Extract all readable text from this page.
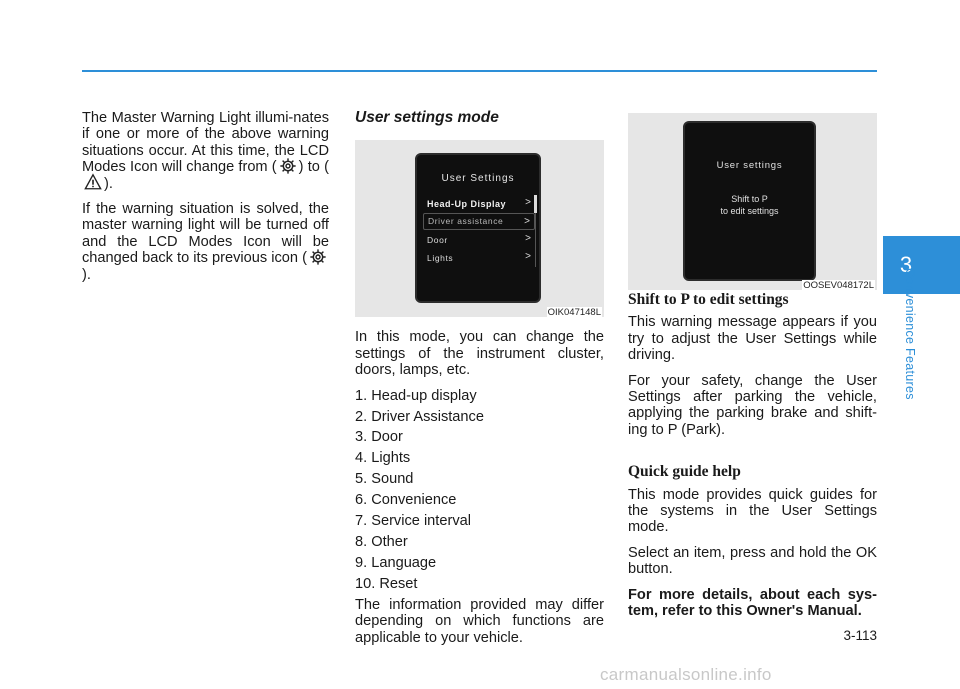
The Master Warning Light illumi-nates if one or more of the above warning situations occur. At this time, the LCD Modes Icon will change from ( ) to ().

If the warning situation is solved, the master warning light will be turned off and the LCD Modes Icon will be changed back to its previous icon ().

User settings mode
User Settings
Head-Up Display >
Driver assistance >
Door	>
Lights	>
OIK047148L

In this mode, you can change the settings of the instrument cluster, doors, lamps, etc.

1. Head-up display

2. Driver Assistance

3. Door

4. Lights

5. Sound

6. Convenience

7. Service interval

8. Other

9. Language

10. Reset

The information provided may differ depending on which functions are applicable to your vehicle.

User settings
Shift to P
to edit settings
OOSEV048172L
Shift to P to edit settings

This warning message appears if you try to adjust the User Settings while driving.

For your safety, change the User Settings after parking the vehicle, applying the parking brake and shift-ing to P (Park).

Quick guide help

This mode provides quick guides for the systems in the User Settings mode.

Select an item, press and hold the OK button.

For more details, about each sys-tem, refer to this Owner's Manual.

3
Convenience Features
3-113
carmanualsonline.info
